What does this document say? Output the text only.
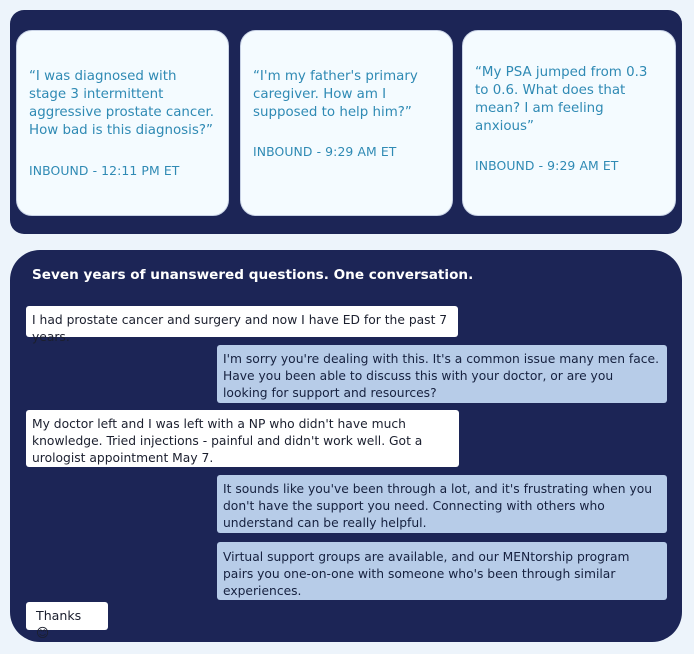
“I was diagnosed with stage 3 intermittent aggressive prostate cancer. How bad is this diagnosis?”

INBOUND - 12:11 PM ET

“I'm my father's primary caregiver. How am I supposed to help him?”

INBOUND - 9:29 AM ET

“My PSA jumped from 0.3 to 0.6. What does that mean? I am feeling anxious”

INBOUND - 9:29 AM ET

Seven years of unanswered questions. One conversation.
I had prostate cancer and surgery and now I have ED for the past 7 years.
I'm sorry you're dealing with this. It's a common issue many men face. Have you been able to discuss this with your doctor, or are you looking for support and resources?
My doctor left and I was left with a NP who didn't have much knowledge. Tried injections - painful and didn't work well. Got a urologist appointment May 7.
It sounds like you've been through a lot, and it's frustrating when you don't have the support you need. Connecting with others who understand can be really helpful.
Virtual support groups are available, and our MENtorship program pairs you one-on-one with someone who's been through similar experiences.
Thanks 😊
